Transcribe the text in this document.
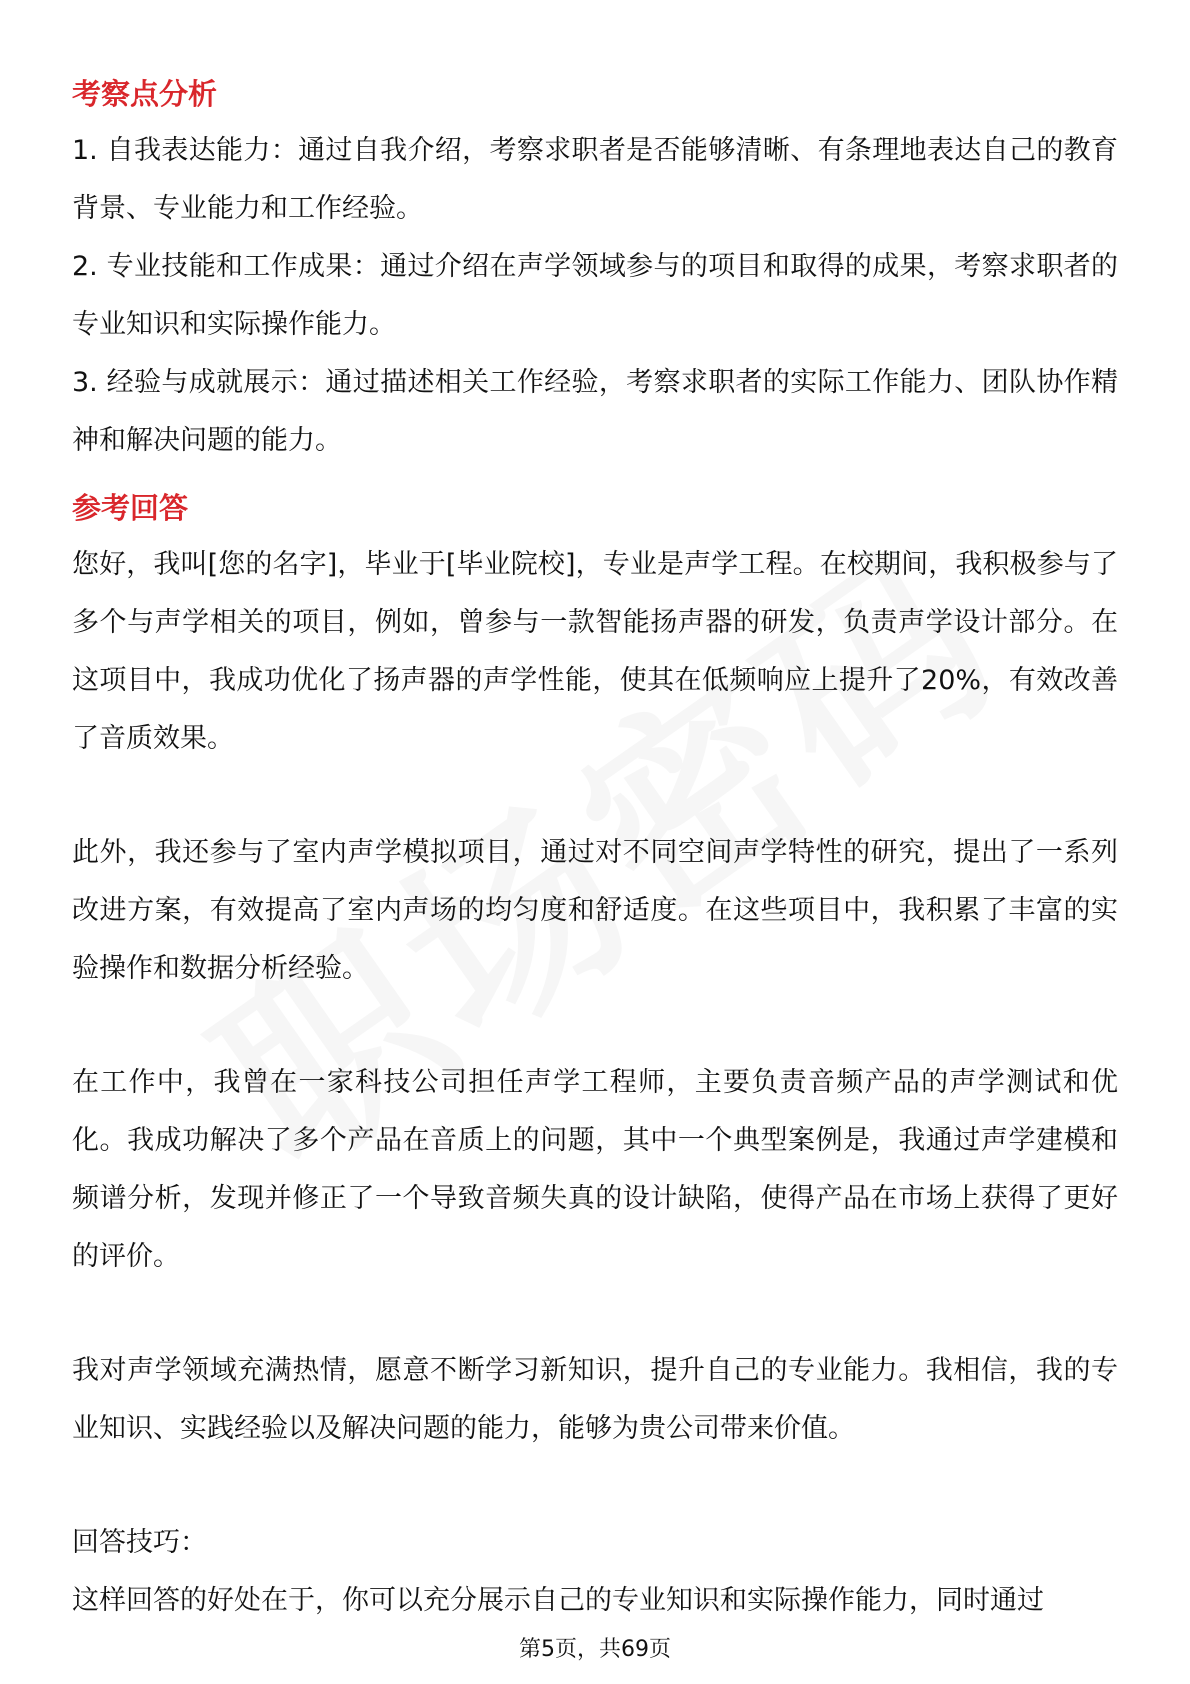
考察点分析

1. 自我表达能力：通过自我介绍，考察求职者是否能够清晰、有条理地表达自己的教育背景、专业能力和工作经验。

2. 专业技能和工作成果：通过介绍在声学领域参与的项目和取得的成果，考察求职者的专业知识和实际操作能力。

3. 经验与成就展示：通过描述相关工作经验，考察求职者的实际工作能力、团队协作精神和解决问题的能力。

参考回答

您好，我叫[您的名字]，毕业于[毕业院校]，专业是声学工程。在校期间，我积极参与了多个与声学相关的项目，例如，曾参与一款智能扬声器的研发，负责声学设计部分。在这项目中，我成功优化了扬声器的声学性能，使其在低频响应上提升了20%，有效改善了音质效果。

此外，我还参与了室内声学模拟项目，通过对不同空间声学特性的研究，提出了一系列改进方案，有效提高了室内声场的均匀度和舒适度。在这些项目中，我积累了丰富的实验操作和数据分析经验。

在工作中，我曾在一家科技公司担任声学工程师，主要负责音频产品的声学测试和优化。我成功解决了多个产品在音质上的问题，其中一个典型案例是，我通过声学建模和频谱分析，发现并修正了一个导致音频失真的设计缺陷，使得产品在市场上获得了更好的评价。

我对声学领域充满热情，愿意不断学习新知识，提升自己的专业能力。我相信，我的专业知识、实践经验以及解决问题的能力，能够为贵公司带来价值。

回答技巧：

这样回答的好处在于，你可以充分展示自己的专业知识和实际操作能力，同时通过

第5页，共69页
